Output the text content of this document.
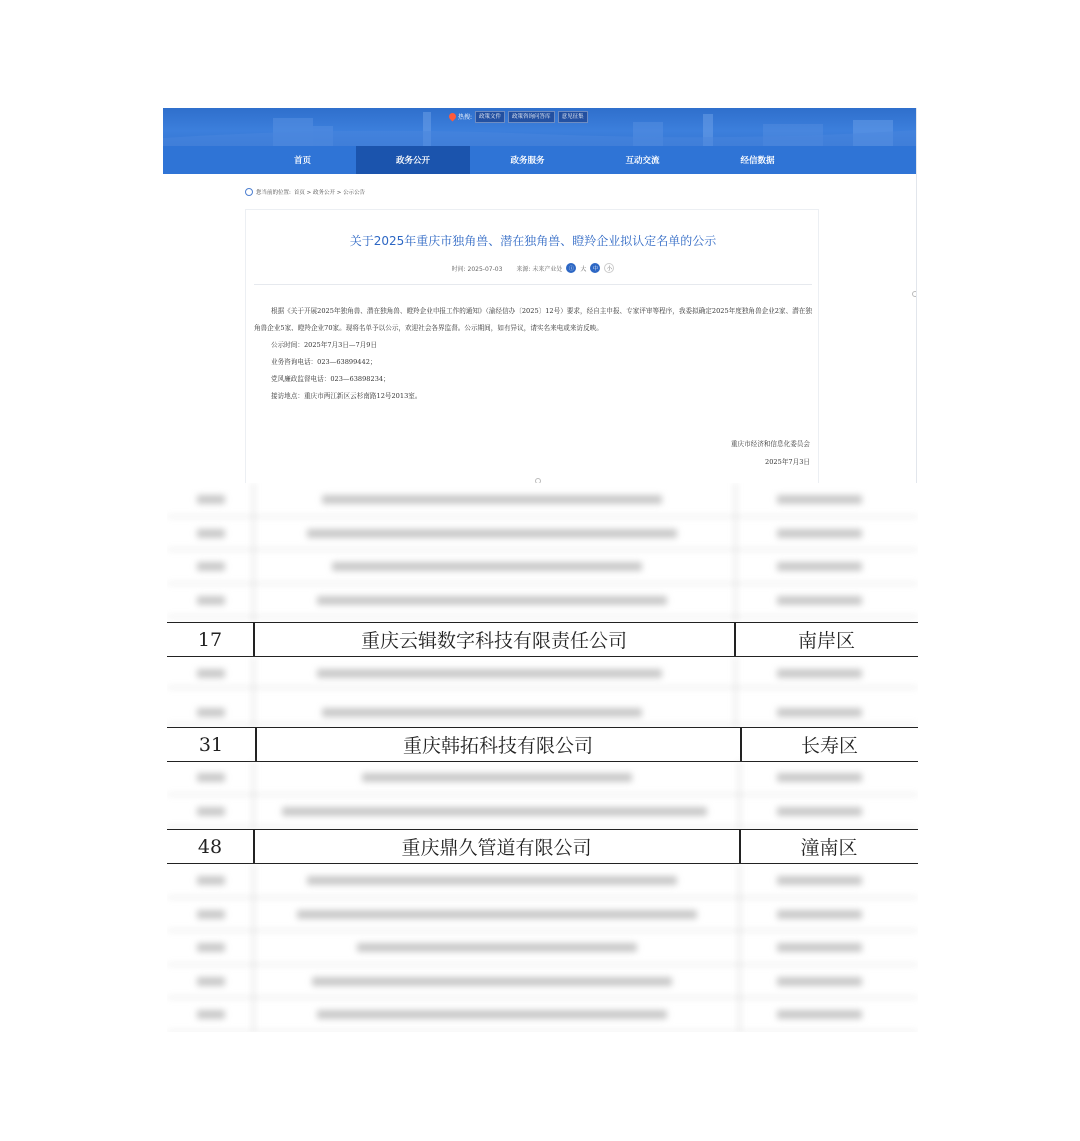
热搜:	政策文件	政策咨询问答库	意见征集
首页	政务公开	政务服务	互动交流	经信数据
您当前的位置: 首页 > 政务公开 > 公示公告
关于2025年重庆市独角兽、潜在独角兽、瞪羚企业拟认定名单的公示
时间: 2025-07-03 来源: 未来产业处	ⓘ	大	中	小

根据《关于开展2025年独角兽、潜在独角兽、瞪羚企业申报工作的通知》（渝经信办〔2025〕12号）要求，经自主申报、专家评审等程序，我委拟确定2025年度独角兽企业2家、潜在独角兽企业5家、瞪羚企业70家。现将名单予以公示，欢迎社会各界监督。公示期间，如有异议，请实名来电或来访反映。

公示时间：2025年7月3日—7月9日

业务咨询电话：023—63899442；

党风廉政监督电话：023—63898234；

接访地点：重庆市两江新区云杉南路12号2013室。

重庆市经济和信息化委员会
2025年7月3日
17	重庆云辑数字科技有限责任公司	南岸区
31	重庆韩拓科技有限公司	长寿区
48	重庆鼎久管道有限公司	潼南区
